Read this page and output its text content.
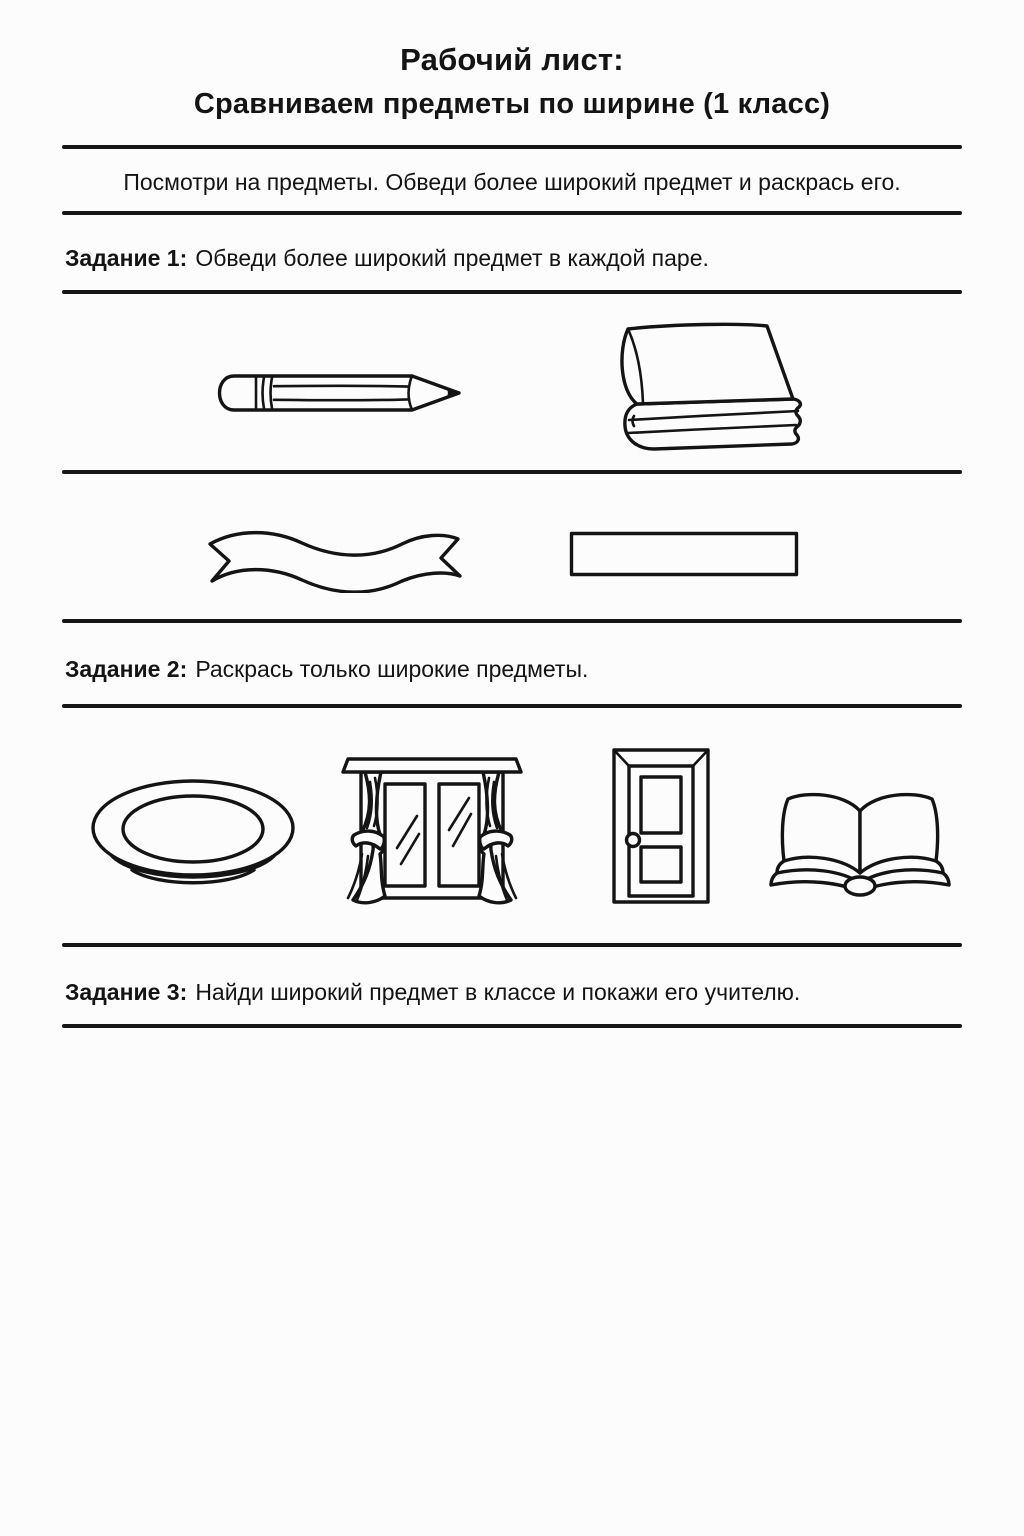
Рабочий лист:
Сравниваем предметы по ширине (1 класс)
Посмотри на предметы. Обведи более широкий предмет и раскрась его.
Задание 1: Обведи более широкий предмет в каждой паре.
Задание 2: Раскрась только широкие предметы.
Задание 3: Найди широкий предмет в классе и покажи его учителю.
